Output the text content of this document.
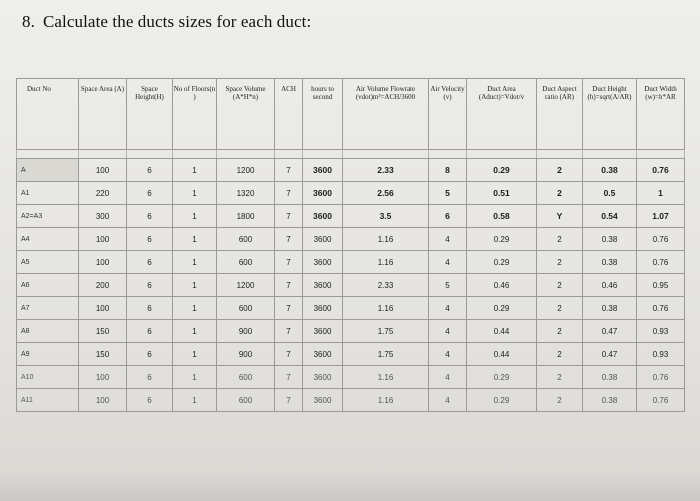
8. Calculate the ducts sizes for each duct:
Duct No	Space Area (A)	Space Height(H)	No of Floors(n )	Space Volume (A*H*n)	ACH	hours to second	Air Volume Flowrate (vdot)m³=ACH/3600	Air Velocity (v)	Duct Area (Aduct)=Vdot/v	Duct Aspect ratio (AR)	Duct Height (h)=sqrt(A/AR)	Duct Width (w)=h*AR

A	100	6	1	1200	7	3600	2.33	8	0.29	2	0.38	0.76
A1	220	6	1	1320	7	3600	2.56	5	0.51	2	0.5	1
A2=A3	300	6	1	1800	7	3600	3.5	6	0.58	Y	0.54	1.07
A4	100	6	1	600	7	3600	1.16	4	0.29	2	0.38	0.76
A5	100	6	1	600	7	3600	1.16	4	0.29	2	0.38	0.76
A6	200	6	1	1200	7	3600	2.33	5	0.46	2	0.46	0.95
A7	100	6	1	600	7	3600	1.16	4	0.29	2	0.38	0.76
A8	150	6	1	900	7	3600	1.75	4	0.44	2	0.47	0.93
A9	150	6	1	900	7	3600	1.75	4	0.44	2	0.47	0.93
A10	100	6	1	600	7	3600	1.16	4	0.29	2	0.38	0.76
A11	100	6	1	600	7	3600	1.16	4	0.29	2	0.38	0.76
